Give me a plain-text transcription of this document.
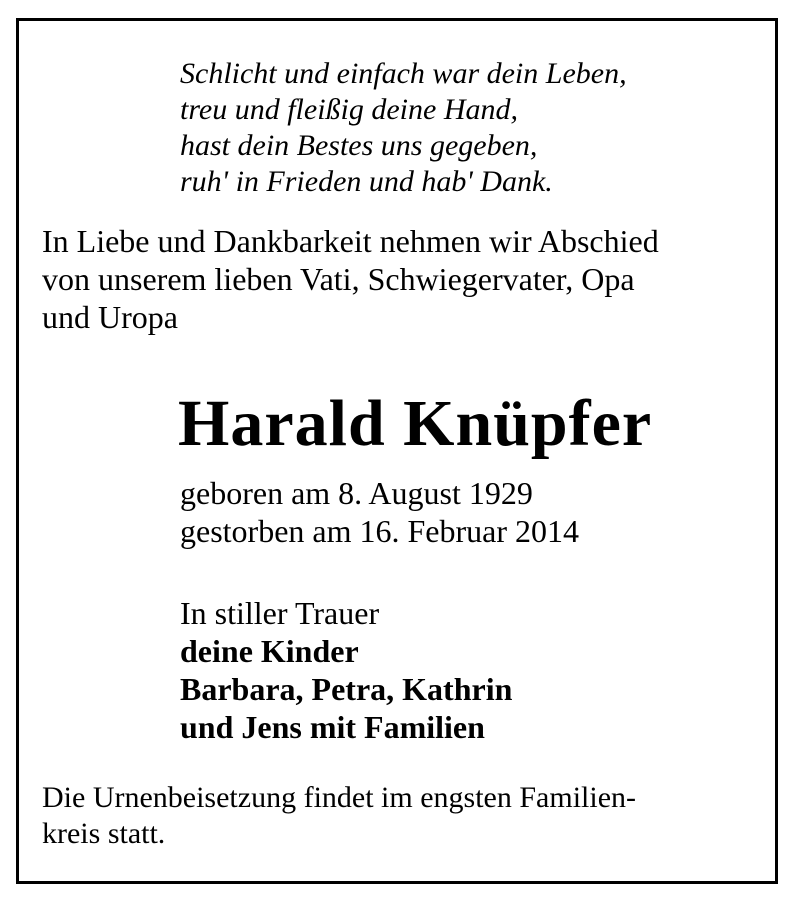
Schlicht und einfach war dein Leben,
treu und fleißig deine Hand,
hast dein Bestes uns gegeben,
ruh' in Frieden und hab' Dank.
In Liebe und Dankbarkeit nehmen wir Abschied
von unserem lieben Vati, Schwiegervater, Opa
und Uropa
Harald Knüpfer
geboren am 8. August 1929
gestorben am 16. Februar 2014
In stiller Trauer
deine Kinder
Barbara, Petra, Kathrin
und Jens mit Familien
Die Urnenbeisetzung findet im engsten Familien-
kreis statt.
